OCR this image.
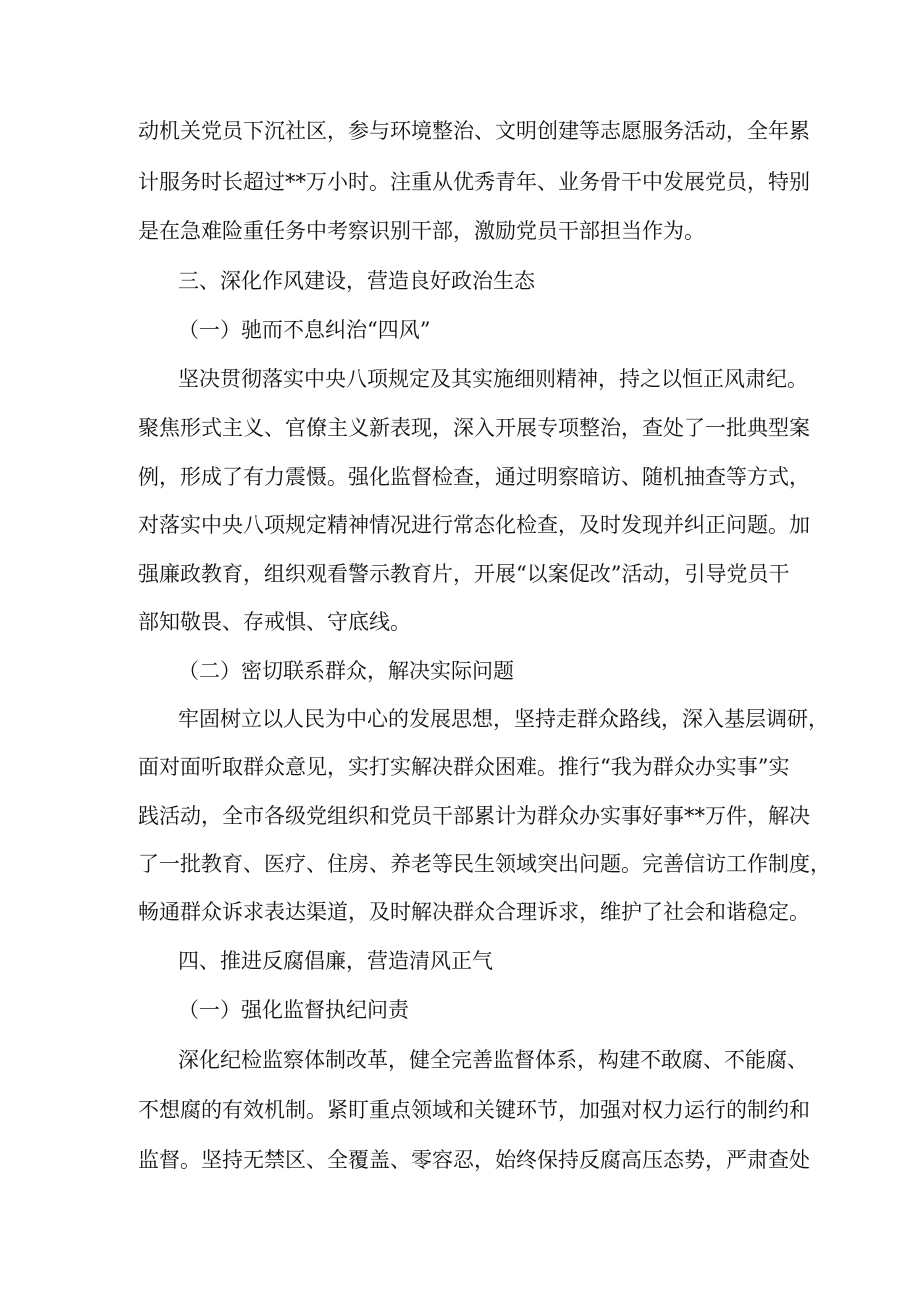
动机关党员下沉社区，参与环境整治、文明创建等志愿服务活动，全年累
计服务时长超过**万小时。注重从优秀青年、业务骨干中发展党员，特别
是在急难险重任务中考察识别干部，激励党员干部担当作为。
三、深化作风建设，营造良好政治生态
（一）驰而不息纠治“四风”
坚决贯彻落实中央八项规定及其实施细则精神，持之以恒正风肃纪。
聚焦形式主义、官僚主义新表现，深入开展专项整治，查处了一批典型案
例，形成了有力震慑。强化监督检查，通过明察暗访、随机抽查等方式，
对落实中央八项规定精神情况进行常态化检查，及时发现并纠正问题。加
强廉政教育，组织观看警示教育片，开展“以案促改”活动，引导党员干
部知敬畏、存戒惧、守底线。
（二）密切联系群众，解决实际问题
牢固树立以人民为中心的发展思想，坚持走群众路线，深入基层调研，
面对面听取群众意见，实打实解决群众困难。推行“我为群众办实事”实
践活动，全市各级党组织和党员干部累计为群众办实事好事**万件，解决
了一批教育、医疗、住房、养老等民生领域突出问题。完善信访工作制度，
畅通群众诉求表达渠道，及时解决群众合理诉求，维护了社会和谐稳定。
四、推进反腐倡廉，营造清风正气
（一）强化监督执纪问责
深化纪检监察体制改革，健全完善监督体系，构建不敢腐、不能腐、
不想腐的有效机制。紧盯重点领域和关键环节，加强对权力运行的制约和
监督。坚持无禁区、全覆盖、零容忍，始终保持反腐高压态势，严肃查处
